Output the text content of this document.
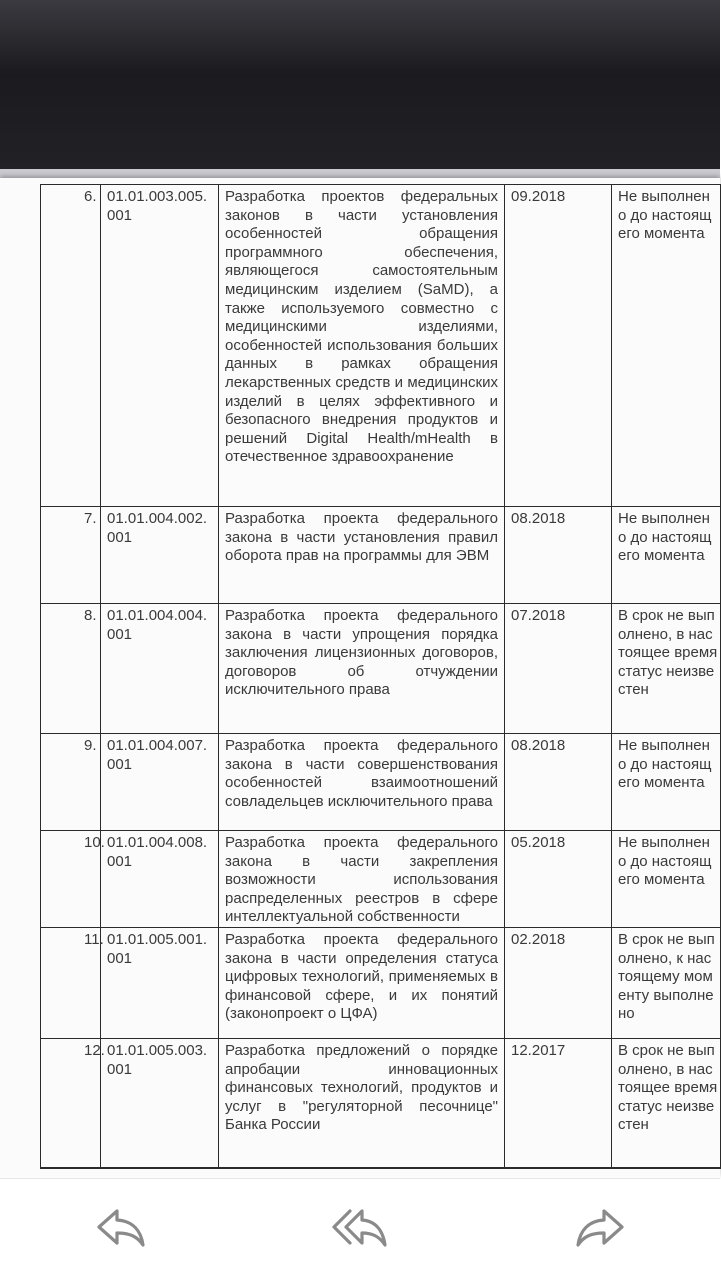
6.	01.01.003.005.001	Разработка проектов федеральных законов в части установления особенностей обращения программного обеспечения, являющегося самостоятельным медицинским изделием (SaMD), а также используемого совместно с медицинскими изделиями, особенностей использования больших данных в рамках обращения лекарственных средств и медицинских изделий в целях эффективного и безопасного внедрения продуктов и решений Digital Health/mHealth в отечественное здравоохранение	09.2018	Не выполнено до настоящего момента
7.	01.01.004.002.001	Разработка проекта федерального закона в части установления правил оборота прав на программы для ЭВМ	08.2018	Не выполнено до настоящего момента
8.	01.01.004.004.001	Разработка проекта федерального закона в части упрощения порядка заключения лицензионных договоров, договоров об отчуждении исключительного права	07.2018	В срок не выполнено, в настоящее время статус неизвестен
9.	01.01.004.007.001	Разработка проекта федерального закона в части совершенствования особенностей взаимоотношений совладельцев исключительного права	08.2018	Не выполнено до настоящего момента
10.	01.01.004.008.001	Разработка проекта федерального закона в части закрепления возможности использования распределенных реестров в сфере интеллектуальной собственности	05.2018	Не выполнено до настоящего момента
11.	01.01.005.001.001	Разработка проекта федерального закона в части определения статуса цифровых технологий, применяемых в финансовой сфере, и их понятий (законопроект о ЦФА)	02.2018	В срок не выполнено, к настоящему моменту выполнено
12.	01.01.005.003.001	Разработка предложений о порядке апробации инновационных финансовых технологий, продуктов и услуг в "регуляторной песочнице" Банка России	12.2017	В срок не выполнено, в настоящее время статус неизвестен
